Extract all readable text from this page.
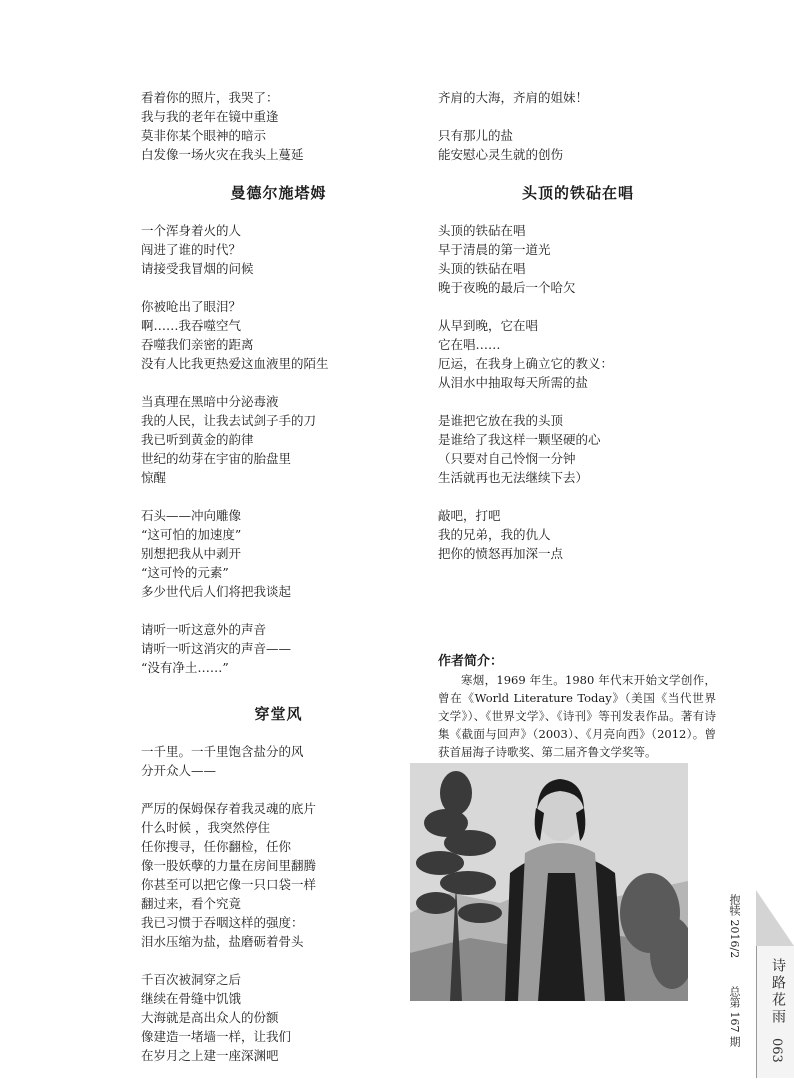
看着你的照片，我哭了：
我与我的老年在镜中重逢
莫非你某个眼神的暗示
白发像一场火灾在我头上蔓延
曼德尔施塔姆
一个浑身着火的人
闯进了谁的时代？
请接受我冒烟的问候
你被呛出了眼泪？
啊……我吞噬空气
吞噬我们亲密的距离
没有人比我更热爱这血液里的陌生
当真理在黑暗中分泌毒液
我的人民，让我去试剑子手的刀
我已听到黄金的韵律
世纪的幼芽在宇宙的胎盘里
惊醒
石头——冲向雕像
“这可怕的加速度”
别想把我从中剥开
“这可怜的元素”
多少世代后人们将把我谈起
请听一听这意外的声音
请听一听这消灾的声音——
“没有净土……”
穿堂风
一千里。一千里饱含盐分的风
分开众人——
严厉的保姆保存着我灵魂的底片
什么时候 ，我突然停住
任你搜寻，任你翻检，任你
像一股妖孽的力量在房间里翻腾
你甚至可以把它像一只口袋一样
翻过来，看个究竟
我已习惯于吞咽这样的强度：
泪水压缩为盐，盐磨砺着骨头
千百次被洞穿之后
继续在骨缝中饥饿
大海就是高出众人的份额
像建造一堵墙一样，让我们
在岁月之上建一座深渊吧
齐肩的大海，齐肩的姐妹！
只有那儿的盐
能安慰心灵生就的创伤
头顶的铁砧在唱
头顶的铁砧在唱
早于清晨的第一道光
头顶的铁砧在唱
晚于夜晚的最后一个哈欠
从早到晚，它在唱
它在唱……
厄运，在我身上确立它的教义：
从泪水中抽取每天所需的盐
是谁把它放在我的头顶
是谁给了我这样一颗坚硬的心
（只要对自己怜悯一分钟
生活就再也无法继续下去）
敲吧，打吧
我的兄弟，我的仇人
把你的愤怒再加深一点
作者简介：
寒烟，1969 年生。1980 年代末开始文学创作，曾在《World Literature Today》（美国《当代世界文学》）、《世界文学》、《诗刊》等刊发表作品。著有诗集《截面与回声》（2003）、《月亮向西》（2012）。曾获首届海子诗歌奖、第二届齐鲁文学奖等。
抱犊 2016/2
总第 167 期 诗路花雨
063
